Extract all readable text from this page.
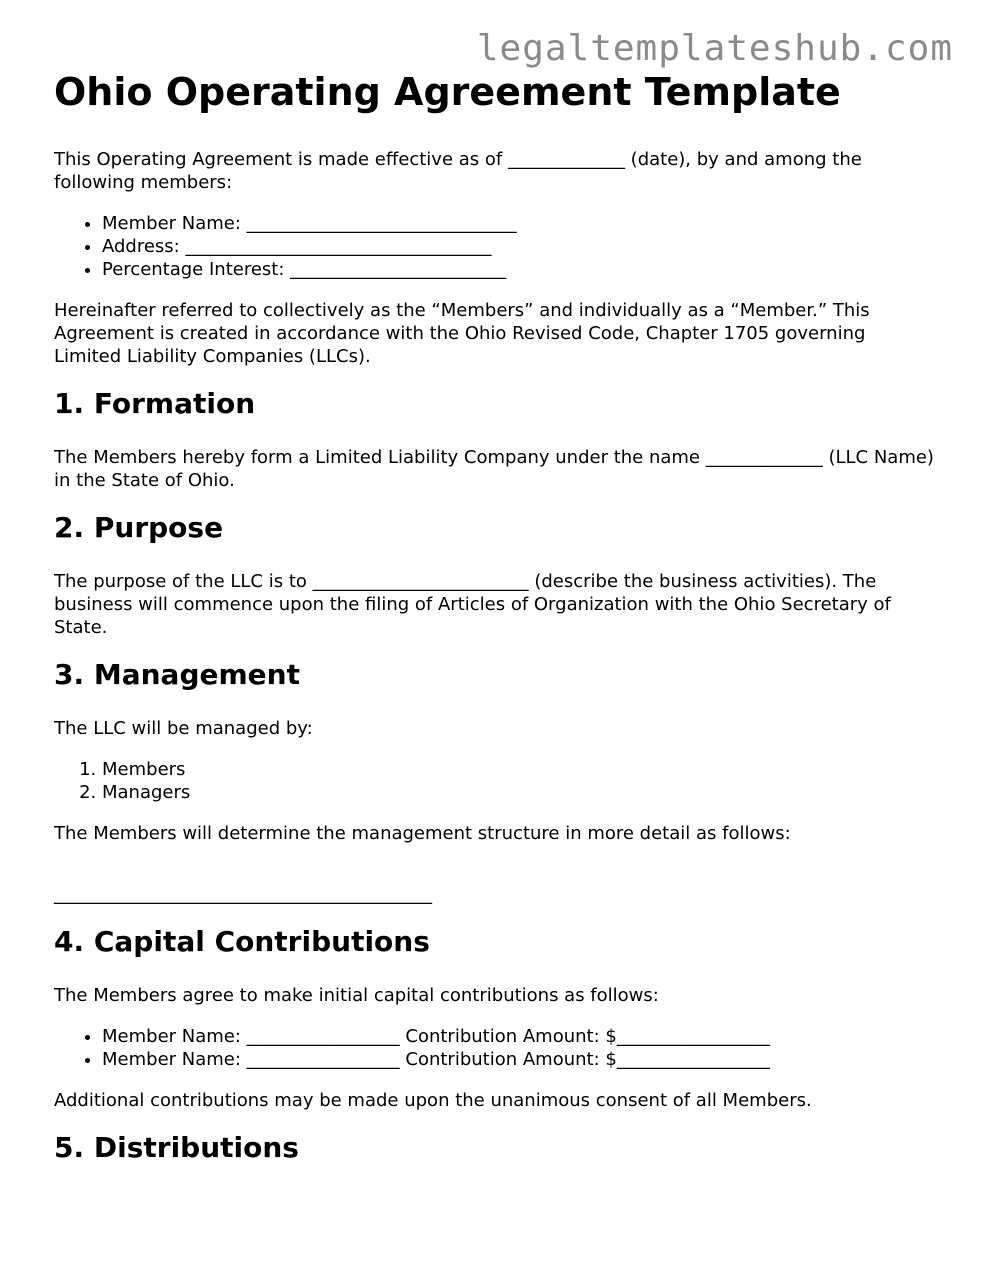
legaltemplateshub.com
Ohio Operating Agreement Template

This Operating Agreement is made effective as of _____________ (date), by and among the following members:

• Member Name: ______________________________
• Address: __________________________________
• Percentage Interest: ________________________

Hereinafter referred to collectively as the “Members” and individually as a “Member.” This Agreement is created in accordance with the Ohio Revised Code, Chapter 1705 governing Limited Liability Companies (LLCs).

1. Formation

The Members hereby form a Limited Liability Company under the name _____________ (LLC Name) in the State of Ohio.

2. Purpose

The purpose of the LLC is to ________________________ (describe the business activities). The business will commence upon the filing of Articles of Organization with the Ohio Secretary of State.

3. Management

The LLC will be managed by:

1. Members
2. Managers

The Members will determine the management structure in more detail as follows:

__________________________________________
4. Capital Contributions

The Members agree to make initial capital contributions as follows:

• Member Name: _________________ Contribution Amount: $_________________
• Member Name: _________________ Contribution Amount: $_________________

Additional contributions may be made upon the unanimous consent of all Members.

5. Distributions
